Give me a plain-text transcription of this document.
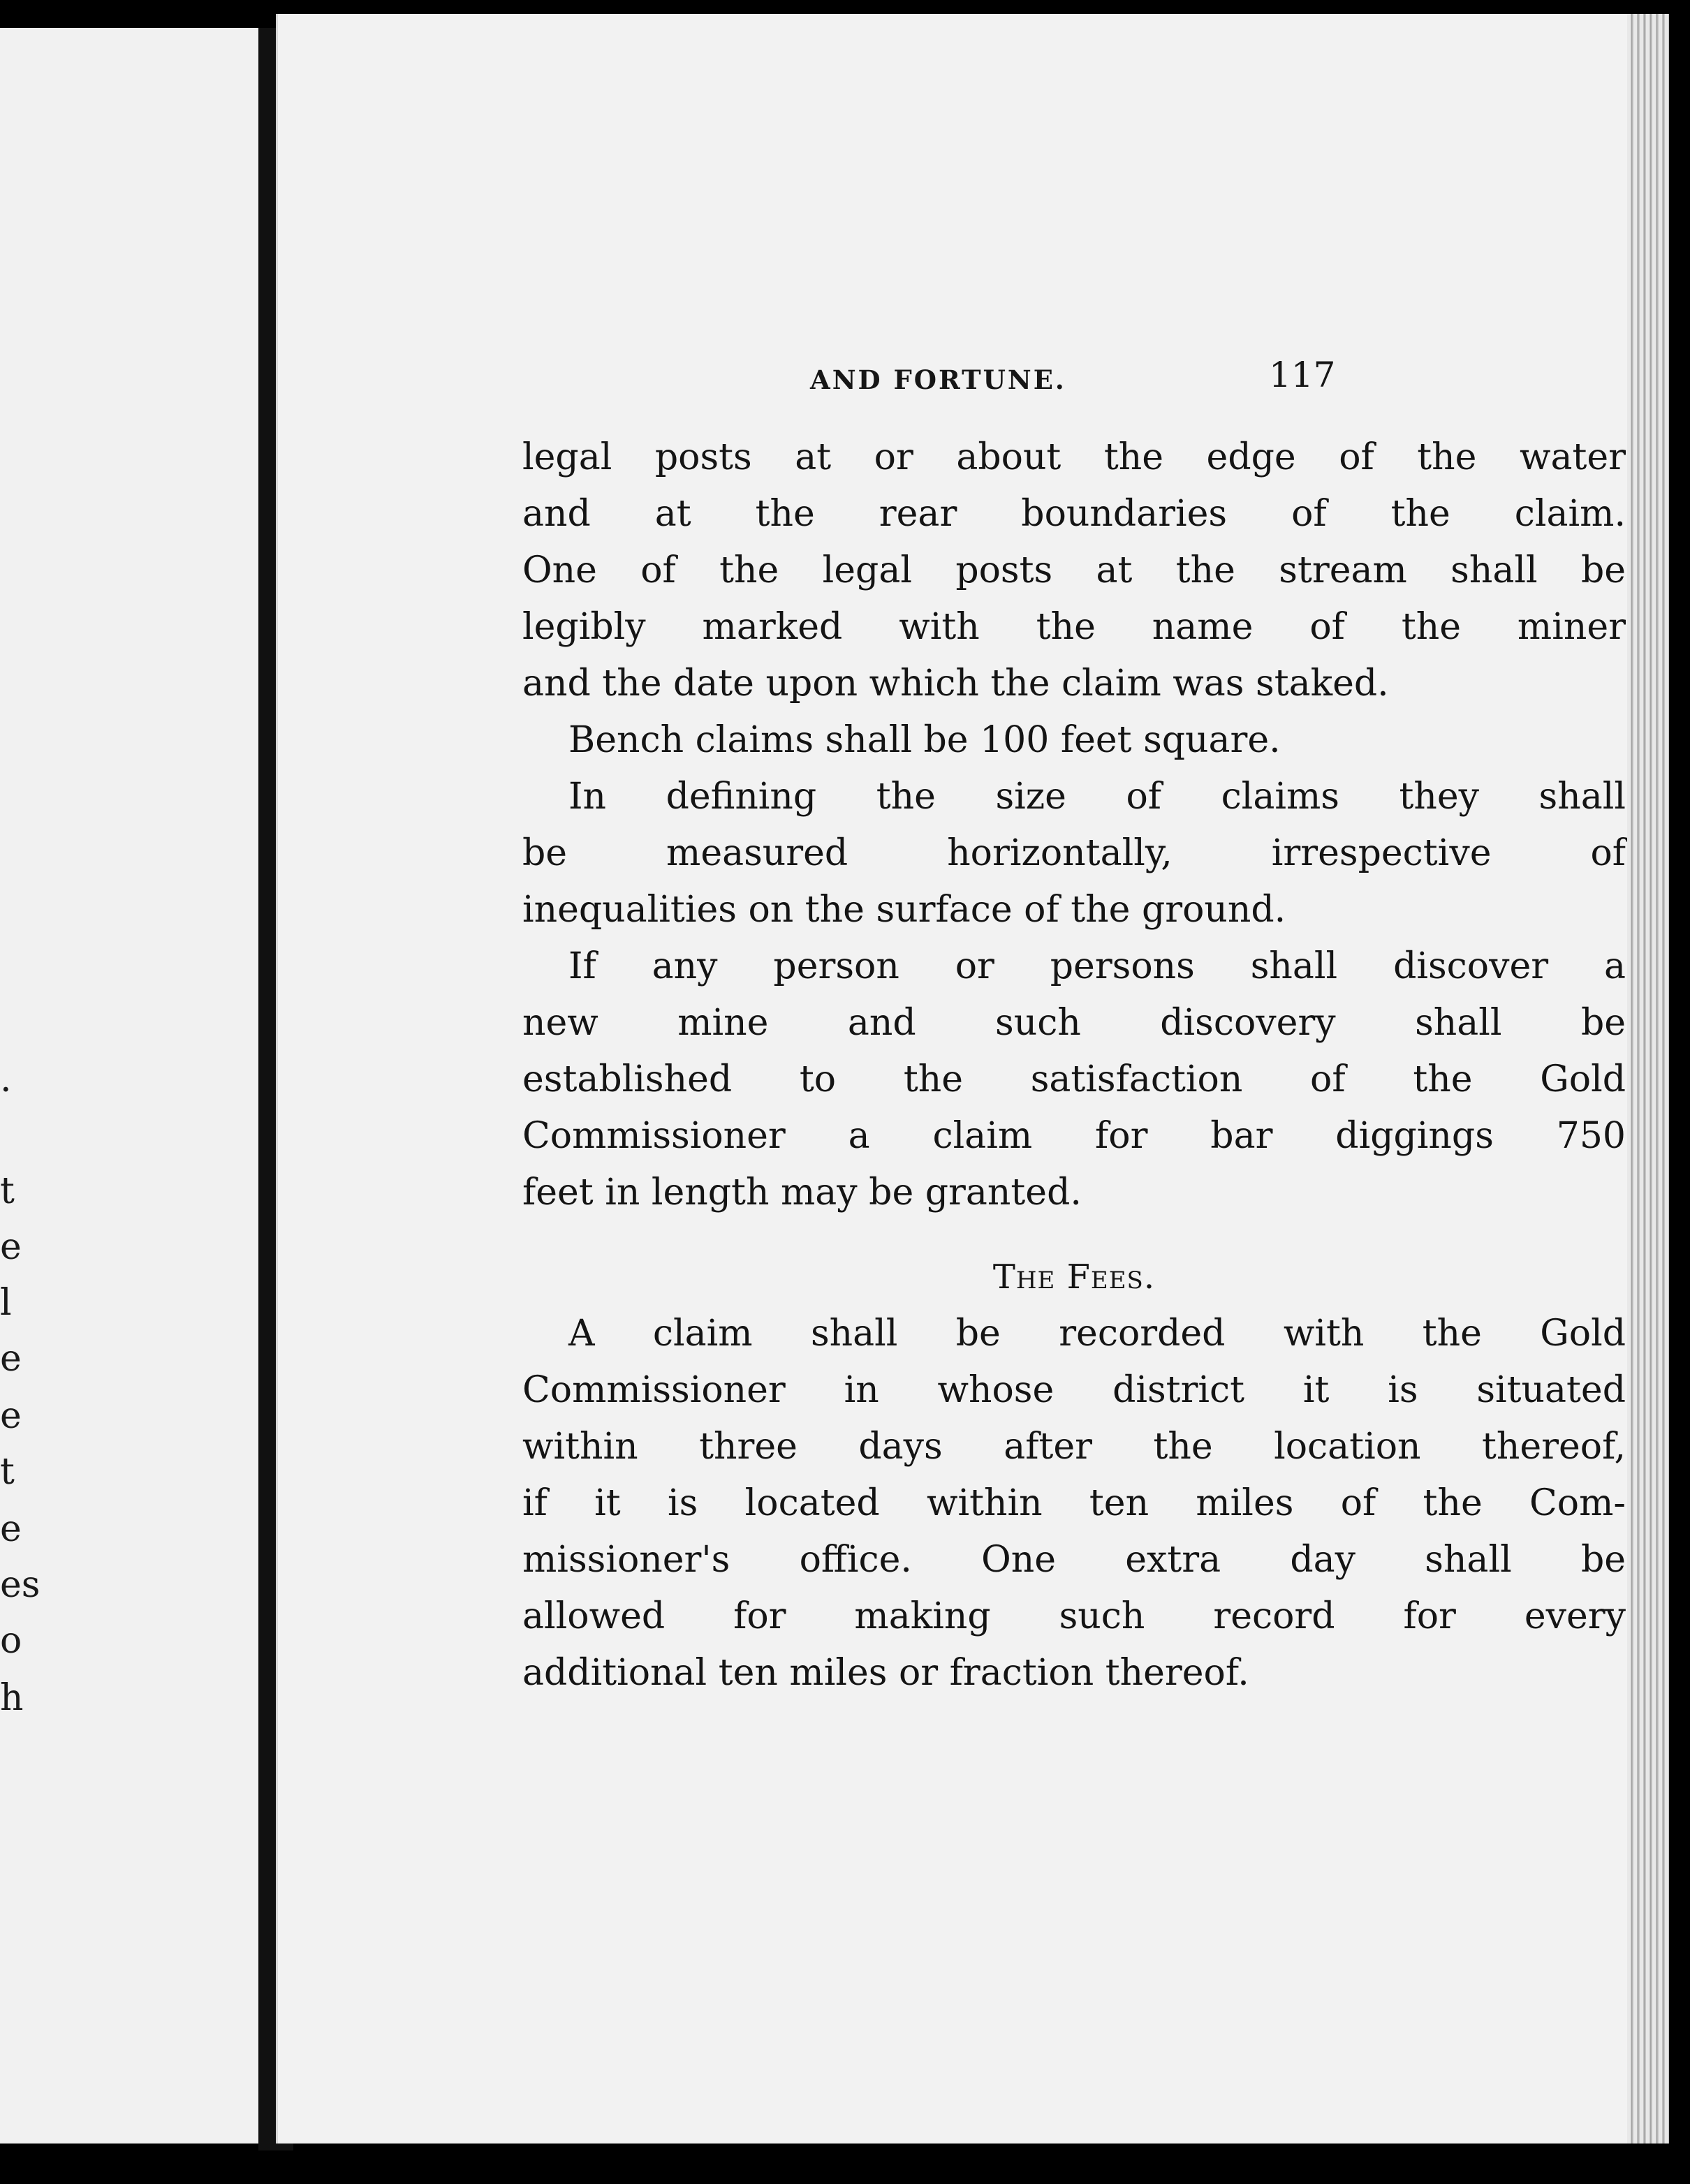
.
t
e
l
e
e
t
e
es
o
h
AND FORTUNE.	117
legal posts at or about the edge of the water
and at the rear boundaries of the claim.
One of the legal posts at the stream shall be
legibly marked with the name of the miner
and the date upon which the claim was staked.
Bench claims shall be 100 feet square.
In defining the size of claims they shall
be measured horizontally, irrespective of
inequalities on the surface of the ground.
If any person or persons shall discover a
new mine and such discovery shall be
established to the satisfaction of the Gold
Commissioner a claim for bar diggings 750
feet in length may be granted.
The Fees.
A claim shall be recorded with the Gold
Commissioner in whose district it is situated
within three days after the location thereof,
if it is located within ten miles of the Com-
missioner's office. One extra day shall be
allowed for making such record for every
additional ten miles or fraction thereof.
